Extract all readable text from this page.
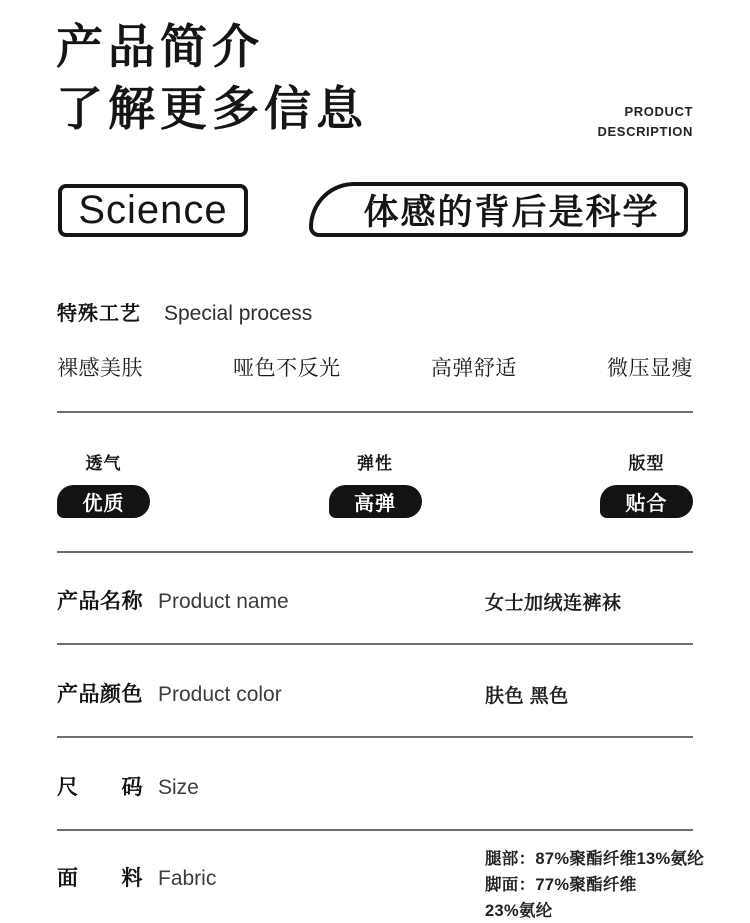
产品简介
了解更多信息	PRODUCT
DESCRIPTION
Science	体感的背后是科学
特殊工艺 Special process
裸感美肤	哑色不反光	高弹舒适	微压显瘦
透气
优质
弹性
高弹
版型
贴合
产品名称 Product name	女士加绒连裤袜
产品颜色 Product color	肤色 黑色
尺　　码 Size
面　　料 Fabric
腿部：87%聚酯纤维13%氨纶
脚面：77%聚酯纤维
23%氨纶
